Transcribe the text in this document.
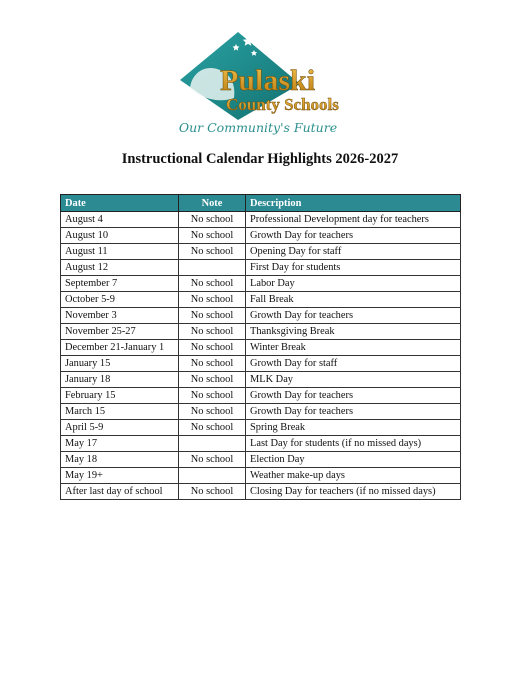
Pulaski
County Schools
Our Community's Future
Instructional Calendar Highlights 2026-2027
Date	Note	Description
August 4	No school	Professional Development day for teachers
August 10	No school	Growth Day for teachers
August 11	No school	Opening Day for staff
August 12		First Day for students
September 7	No school	Labor Day
October 5-9	No school	Fall Break
November 3	No school	Growth Day for teachers
November 25-27	No school	Thanksgiving Break
December 21-January 1	No school	Winter Break
January 15	No school	Growth Day for staff
January 18	No school	MLK Day
February 15	No school	Growth Day for teachers
March 15	No school	Growth Day for teachers
April 5-9	No school	Spring Break
May 17		Last Day for students (if no missed days)
May 18	No school	Election Day
May 19+		Weather make-up days
After last day of school	No school	Closing Day for teachers (if no missed days)
